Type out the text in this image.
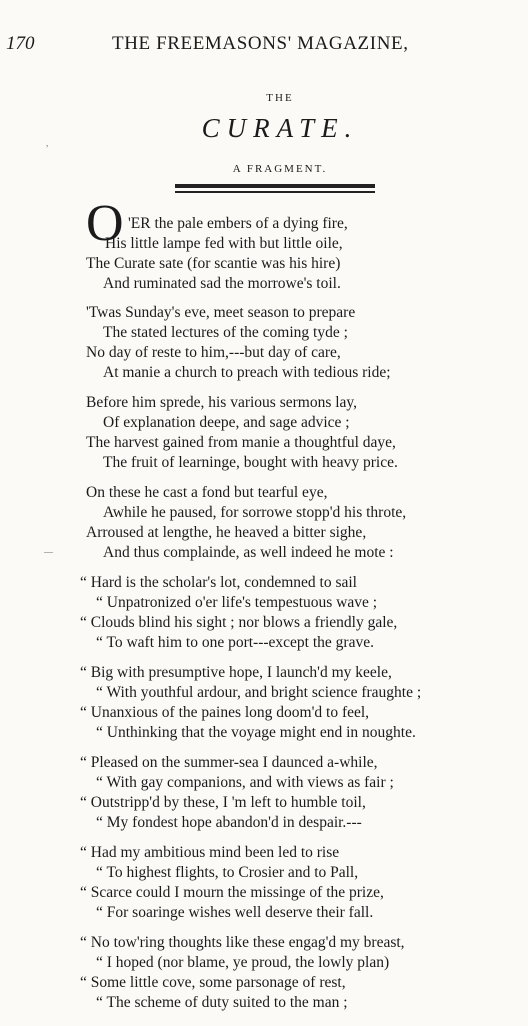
170	THE FREEMASONS' MAGAZINE,
THE
CURATE.
A FRAGMENT.
O 'ER the pale embers of a dying fire,
His little lampe fed with but little oile,
The Curate sate (for scantie was his hire)
And ruminated sad the morrowe's toil.
'Twas Sunday's eve, meet season to prepare
The stated lectures of the coming tyde ;
No day of reste to him,---but day of care,
At manie a church to preach with tedious ride;
Before him sprede, his various sermons lay,
Of explanation deepe, and sage advice ;
The harvest gained from manie a thoughtful daye,
The fruit of learninge, bought with heavy price.
On these he cast a fond but tearful eye,
Awhile he paused, for sorrowe stopp'd his throte,
Arroused at lengthe, he heaved a bitter sighe,
And thus complainde, as well indeed he mote :
“ Hard is the scholar's lot, condemned to sail
“ Unpatronized o'er life's tempestuous wave ;
“ Clouds blind his sight ; nor blows a friendly gale,
“ To waft him to one port---except the grave.
“ Big with presumptive hope, I launch'd my keele,
“ With youthful ardour, and bright science fraughte ;
“ Unanxious of the paines long doom'd to feel,
“ Unthinking that the voyage might end in noughte.
“ Pleased on the summer-sea I daunced a-while,
“ With gay companions, and with views as fair ;
“ Outstripp'd by these, I 'm left to humble toil,
“ My fondest hope abandon'd in despair.---
“ Had my ambitious mind been led to rise
“ To highest flights, to Crosier and to Pall,
“ Scarce could I mourn the missinge of the prize,
“ For soaringe wishes well deserve their fall.
“ No tow'ring thoughts like these engag'd my breast,
“ I hoped (nor blame, ye proud, the lowly plan)
“ Some little cove, some parsonage of rest,
“ The scheme of duty suited to the man ;
,
—
